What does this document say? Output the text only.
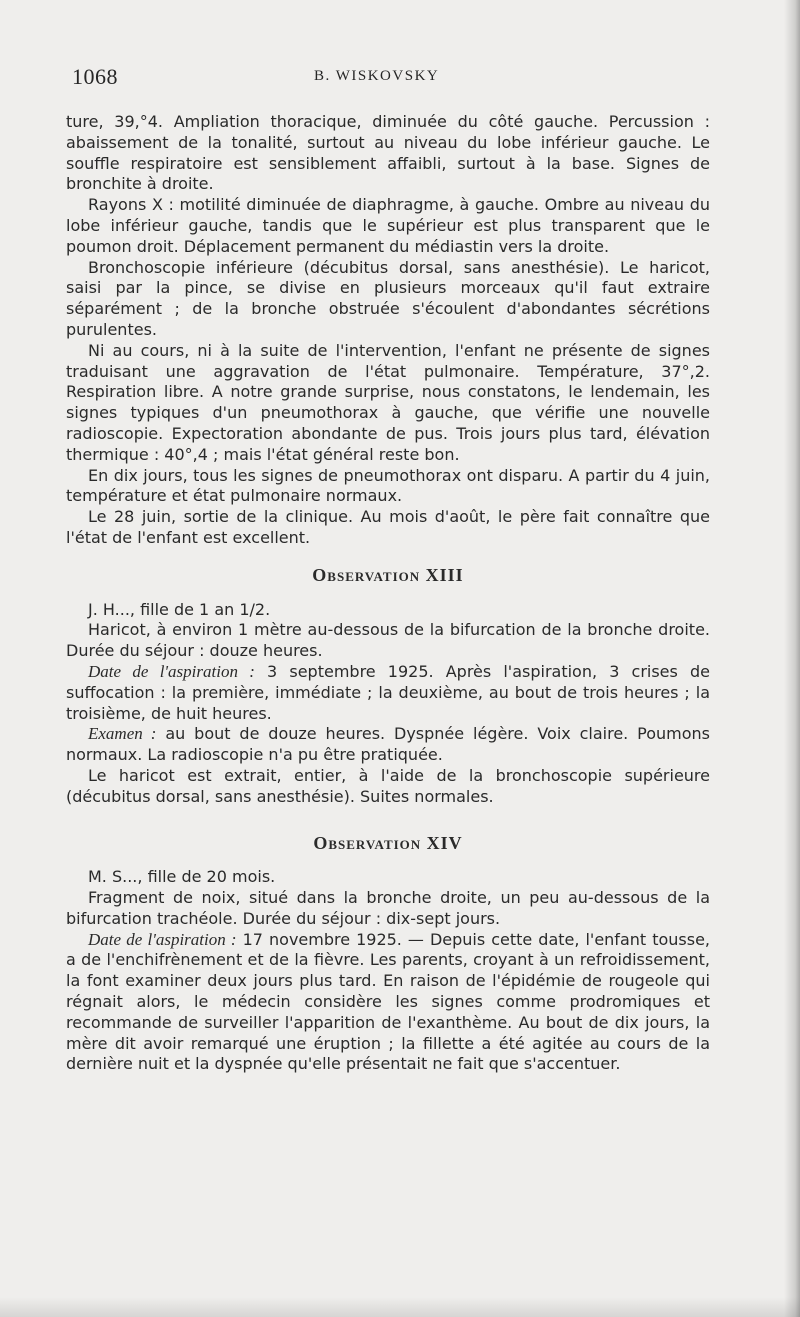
1068	B. WISKOVSKY

ture, 39,°4. Ampliation thoracique, diminuée du côté gauche. Percussion : abaissement de la tonalité, surtout au niveau du lobe inférieur gauche. Le souffle respiratoire est sensiblement affaibli, surtout à la base. Signes de bronchite à droite.

Rayons X : motilité diminuée de diaphragme, à gauche. Ombre au niveau du lobe inférieur gauche, tandis que le supérieur est plus transparent que le poumon droit. Déplacement permanent du médiastin vers la droite.

Bronchoscopie inférieure (décubitus dorsal, sans anesthésie). Le haricot, saisi par la pince, se divise en plusieurs morceaux qu'il faut extraire séparément ; de la bronche obstruée s'écoulent d'abondantes sécrétions purulentes.

Ni au cours, ni à la suite de l'intervention, l'enfant ne présente de signes traduisant une aggravation de l'état pulmonaire. Température, 37°,2. Respiration libre. A notre grande surprise, nous constatons, le lendemain, les signes typiques d'un pneumothorax à gauche, que vérifie une nouvelle radioscopie. Expectoration abondante de pus. Trois jours plus tard, élévation thermique : 40°,4 ; mais l'état général reste bon.

En dix jours, tous les signes de pneumothorax ont disparu. A partir du 4 juin, température et état pulmonaire normaux.

Le 28 juin, sortie de la clinique. Au mois d'août, le père fait connaître que l'état de l'enfant est excellent.

Observation XIII

J. H..., fille de 1 an 1/2.

Haricot, à environ 1 mètre au-dessous de la bifurcation de la bronche droite. Durée du séjour : douze heures.

Date de l'aspiration : 3 septembre 1925. Après l'aspiration, 3 crises de suffocation : la première, immédiate ; la deuxième, au bout de trois heures ; la troisième, de huit heures.

Examen : au bout de douze heures. Dyspnée légère. Voix claire. Poumons normaux. La radioscopie n'a pu être pratiquée.

Le haricot est extrait, entier, à l'aide de la bronchoscopie supérieure (décubitus dorsal, sans anesthésie). Suites normales.

Observation XIV

M. S..., fille de 20 mois.

Fragment de noix, situé dans la bronche droite, un peu au-dessous de la bifurcation trachéole. Durée du séjour : dix-sept jours.

Date de l'aspiration : 17 novembre 1925. — Depuis cette date, l'enfant tousse, a de l'enchifrènement et de la fièvre. Les parents, croyant à un refroidissement, la font examiner deux jours plus tard. En raison de l'épidémie de rougeole qui régnait alors, le médecin considère les signes comme prodromiques et recommande de surveiller l'apparition de l'exanthème. Au bout de dix jours, la mère dit avoir remarqué une éruption ; la fillette a été agitée au cours de la dernière nuit et la dyspnée qu'elle présentait ne fait que s'accentuer.
